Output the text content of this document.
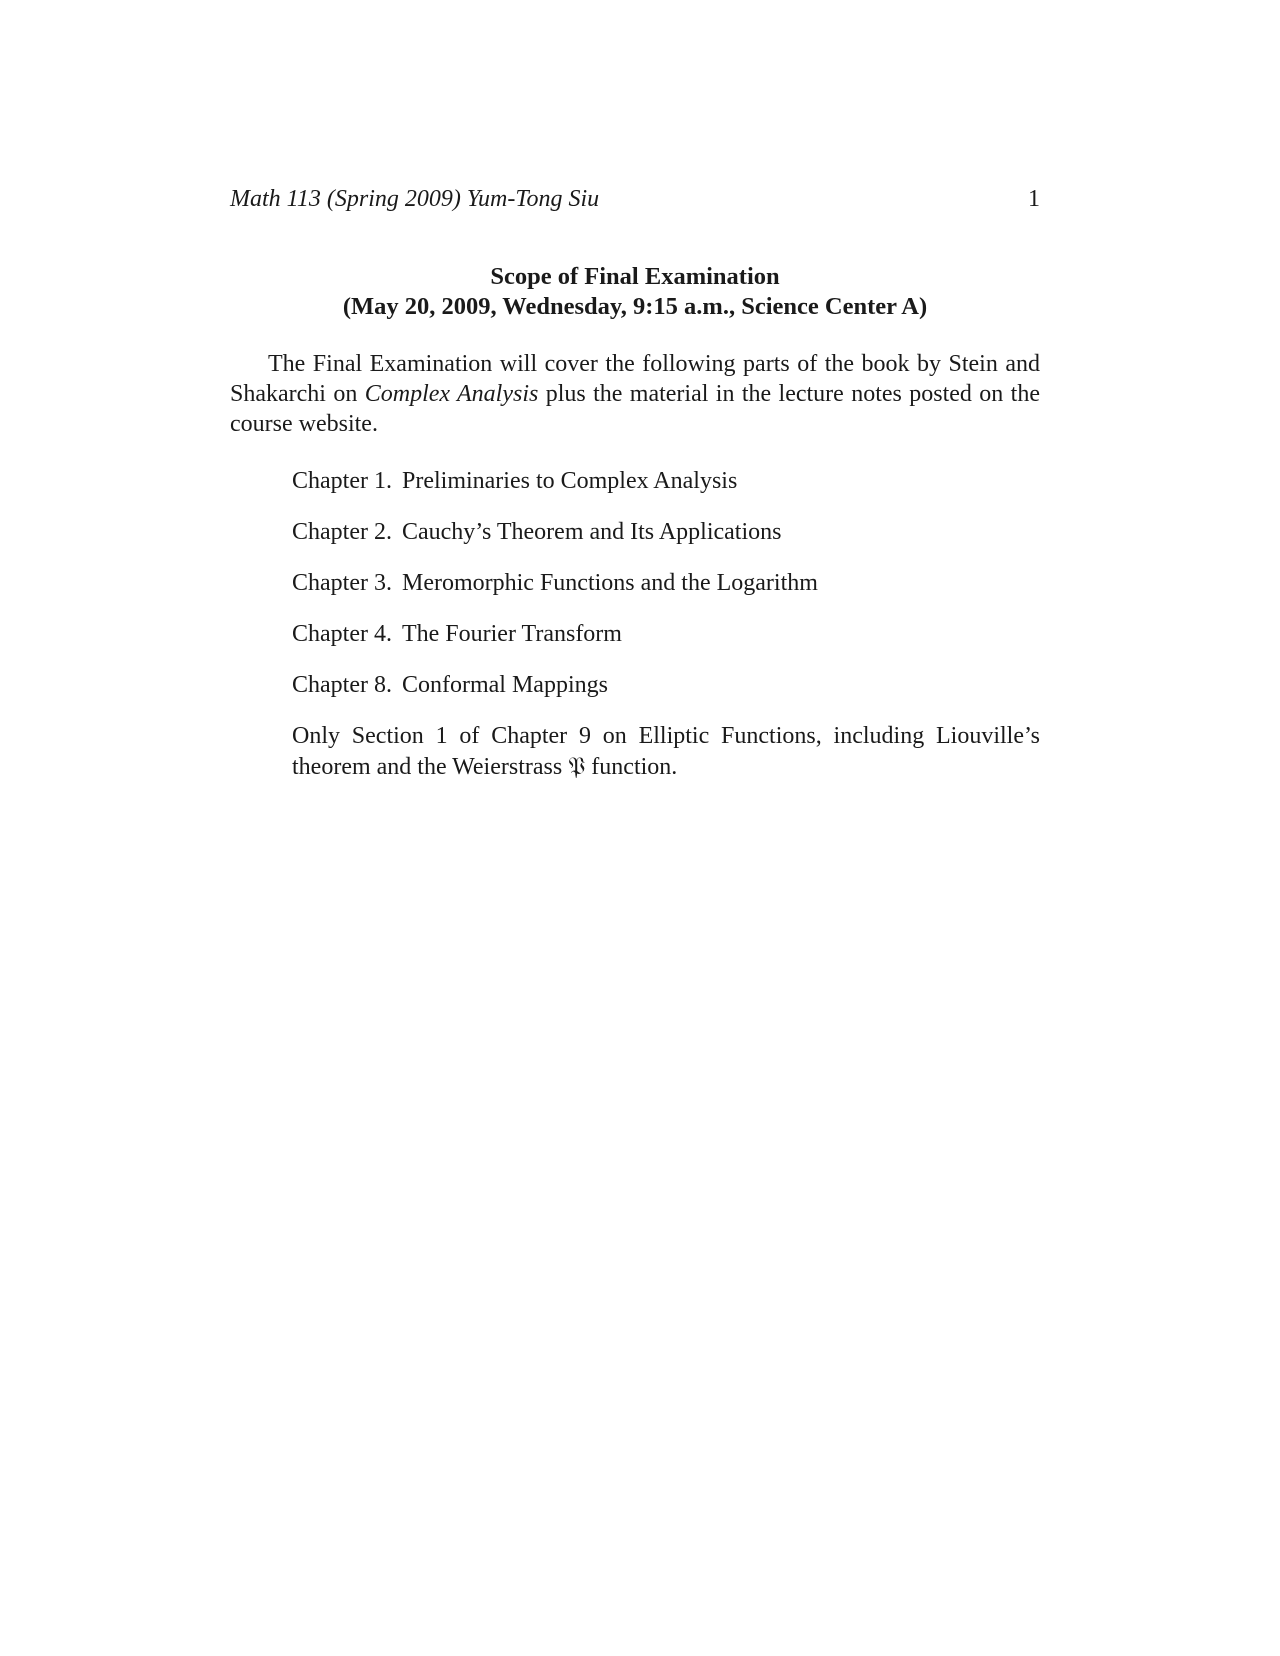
Math 113 (Spring 2009) Yum-Tong Siu	1
Scope of Final Examination
(May 20, 2009, Wednesday, 9:15 a.m., Science Center A)

The Final Examination will cover the following parts of the book by Stein and Shakarchi on Complex Analysis plus the material in the lecture notes posted on the course website.

Chapter 1. Preliminaries to Complex Analysis
Chapter 2. Cauchy’s Theorem and Its Applications
Chapter 3. Meromorphic Functions and the Logarithm
Chapter 4. The Fourier Transform
Chapter 8. Conformal Mappings
Only Section 1 of Chapter 9 on Elliptic Functions, including Liouville’s
theorem and the Weierstrass 𝔓 function.
